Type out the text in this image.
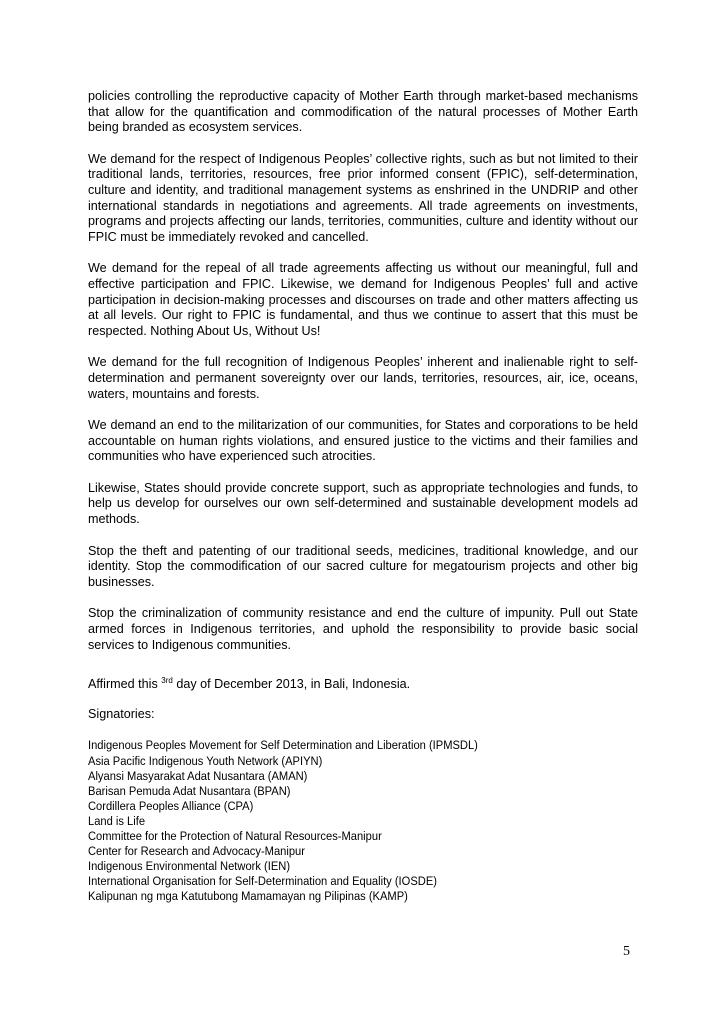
policies controlling the reproductive capacity of Mother Earth through market-based mechanisms that allow for the quantification and commodification of the natural processes of Mother Earth being branded as ecosystem services.

We demand for the respect of Indigenous Peoples’ collective rights, such as but not limited to their traditional lands, territories, resources, free prior informed consent (FPIC), self-determination, culture and identity, and traditional management systems as enshrined in the UNDRIP and other international standards in negotiations and agreements. All trade agreements on investments, programs and projects affecting our lands, territories, communities, culture and identity without our FPIC must be immediately revoked and cancelled.

We demand for the repeal of all trade agreements affecting us without our meaningful, full and effective participation and FPIC. Likewise, we demand for Indigenous Peoples’ full and active participation in decision-making processes and discourses on trade and other matters affecting us at all levels. Our right to FPIC is fundamental, and thus we continue to assert that this must be respected. Nothing About Us, Without Us!

We demand for the full recognition of Indigenous Peoples’ inherent and inalienable right to self-determination and permanent sovereignty over our lands, territories, resources, air, ice, oceans, waters, mountains and forests.

We demand an end to the militarization of our communities, for States and corporations to be held accountable on human rights violations, and ensured justice to the victims and their families and communities who have experienced such atrocities.

Likewise, States should provide concrete support, such as appropriate technologies and funds, to help us develop for ourselves our own self-determined and sustainable development models ad methods.

Stop the theft and patenting of our traditional seeds, medicines, traditional knowledge, and our identity. Stop the commodification of our sacred culture for megatourism projects and other big businesses.

Stop the criminalization of community resistance and end the culture of impunity. Pull out State armed forces in Indigenous territories, and uphold the responsibility to provide basic social services to Indigenous communities.

Affirmed this $^{3rd}$ day of December 2013, in Bali, Indonesia.

Signatories:

Indigenous Peoples Movement for Self Determination and Liberation (IPMSDL)
Asia Pacific Indigenous Youth Network (APIYN)
Alyansi Masyarakat Adat Nusantara (AMAN)
Barisan Pemuda Adat Nusantara (BPAN)
Cordillera Peoples Alliance (CPA)
Land is Life
Committee for the Protection of Natural Resources-Manipur
Center for Research and Advocacy-Manipur
Indigenous Environmental Network (IEN)
International Organisation for Self-Determination and Equality (IOSDE)
Kalipunan ng mga Katutubong Mamamayan ng Pilipinas (KAMP)
5
